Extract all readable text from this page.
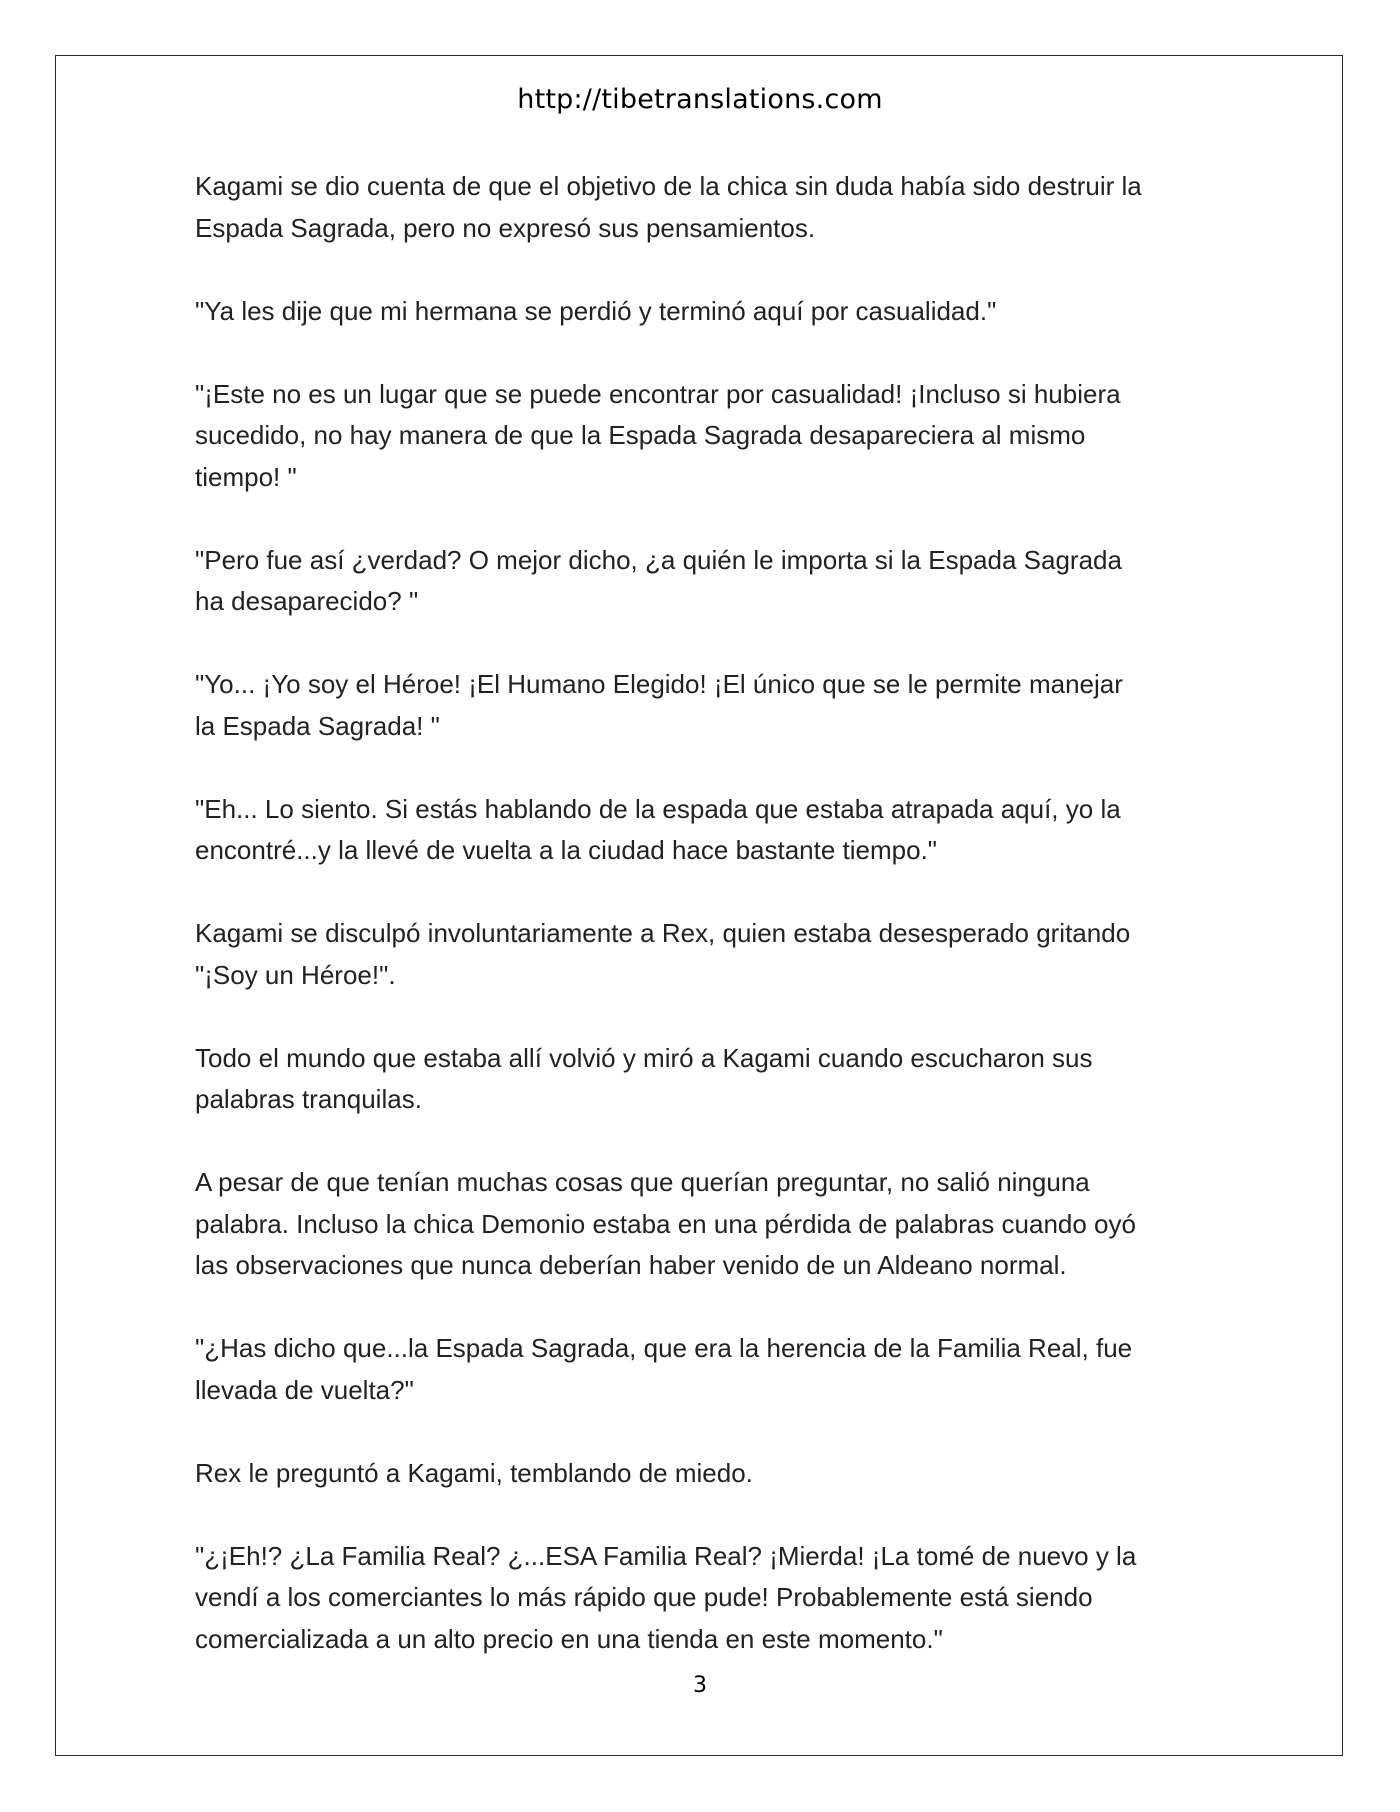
http://tibetranslations.com

Kagami se dio cuenta de que el objetivo de la chica sin duda había sido destruir la
Espada Sagrada, pero no expresó sus pensamientos.

"Ya les dije que mi hermana se perdió y terminó aquí por casualidad."

"¡Este no es un lugar que se puede encontrar por casualidad! ¡Incluso si hubiera
sucedido, no hay manera de que la Espada Sagrada desapareciera al mismo
tiempo! "

"Pero fue así ¿verdad? O mejor dicho, ¿a quién le importa si la Espada Sagrada
ha desaparecido? "

"Yo... ¡Yo soy el Héroe! ¡El Humano Elegido! ¡El único que se le permite manejar
la Espada Sagrada! "

"Eh... Lo siento. Si estás hablando de la espada que estaba atrapada aquí, yo la
encontré...y la llevé de vuelta a la ciudad hace bastante tiempo."

Kagami se disculpó involuntariamente a Rex, quien estaba desesperado gritando
"¡Soy un Héroe!".

Todo el mundo que estaba allí volvió y miró a Kagami cuando escucharon sus
palabras tranquilas.

A pesar de que tenían muchas cosas que querían preguntar, no salió ninguna
palabra. Incluso la chica Demonio estaba en una pérdida de palabras cuando oyó
las observaciones que nunca deberían haber venido de un Aldeano normal.

"¿Has dicho que...la Espada Sagrada, que era la herencia de la Familia Real, fue
llevada de vuelta?"

Rex le preguntó a Kagami, temblando de miedo.

"¿¡Eh!? ¿La Familia Real? ¿...ESA Familia Real? ¡Mierda! ¡La tomé de nuevo y la
vendí a los comerciantes lo más rápido que pude! Probablemente está siendo
comercializada a un alto precio en una tienda en este momento."

3
